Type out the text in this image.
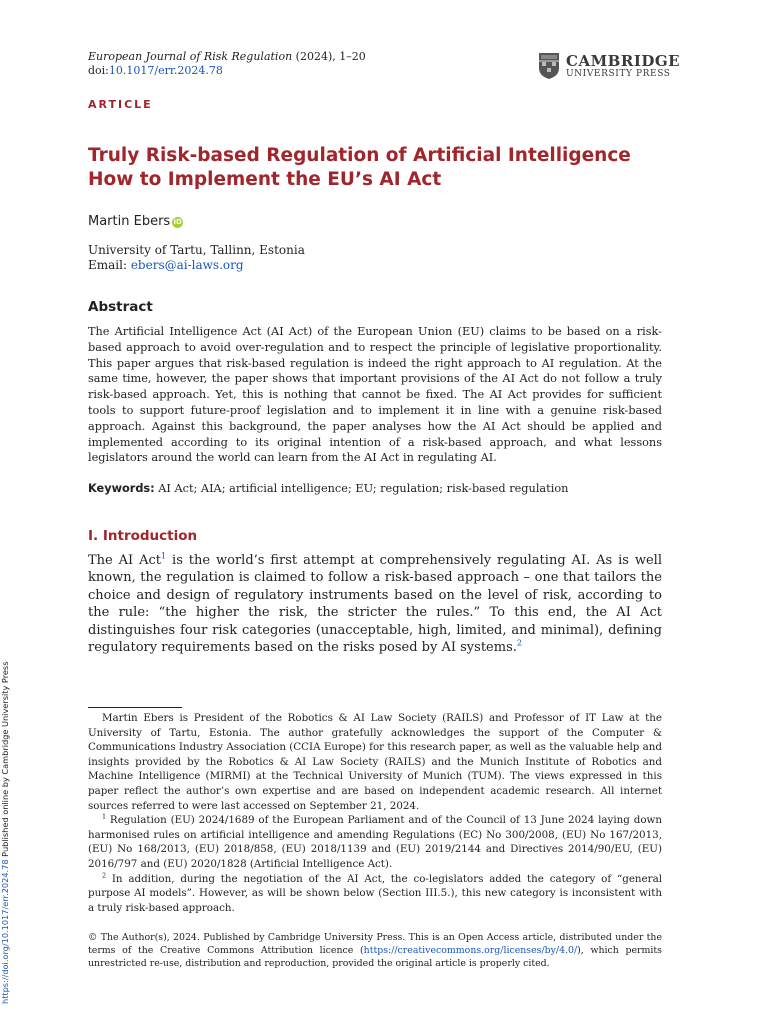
European Journal of Risk Regulation (2024), 1–20
doi:10.1017/err.2024.78
CAMBRIDGE
UNIVERSITY PRESS
ARTICLE
Truly Risk-based Regulation of Artificial Intelligence
How to Implement the EU’s AI Act
Martin Ebers iD
University of Tartu, Tallinn, Estonia
Email: ebers@ai-laws.org
Abstract
The Artificial Intelligence Act (AI Act) of the European Union (EU) claims to be based on a risk-based approach to avoid over-regulation and to respect the principle of legislative proportionality. This paper argues that risk-based regulation is indeed the right approach to AI regulation. At the same time, however, the paper shows that important provisions of the AI Act do not follow a truly risk-based approach. Yet, this is nothing that cannot be fixed. The AI Act provides for sufficient tools to support future-proof legislation and to implement it in line with a genuine risk-based approach. Against this background, the paper analyses how the AI Act should be applied and implemented according to its original intention of a risk-based approach, and what lessons legislators around the world can learn from the AI Act in regulating AI.
Keywords: AI Act; AIA; artificial intelligence; EU; regulation; risk-based regulation
I. Introduction
The AI Act$^1$ is the world’s first attempt at comprehensively regulating AI. As is well known, the regulation is claimed to follow a risk-based approach – one that tailors the choice and design of regulatory instruments based on the level of risk, according to the rule: “the higher the risk, the stricter the rules.” To this end, the AI Act distinguishes four risk categories (unacceptable, high, limited, and minimal), defining regulatory requirements based on the risks posed by AI systems.$^2$

Martin Ebers is President of the Robotics & AI Law Society (RAILS) and Professor of IT Law at the University of Tartu, Estonia. The author gratefully acknowledges the support of the Computer & Communications Industry Association (CCIA Europe) for this research paper, as well as the valuable help and insights provided by the Robotics & AI Law Society (RAILS) and the Munich Institute of Robotics and Machine Intelligence (MIRMI) at the Technical University of Munich (TUM). The views expressed in this paper reflect the author’s own expertise and are based on independent academic research. All internet sources referred to were last accessed on September 21, 2024.

$^1$ Regulation (EU) 2024/1689 of the European Parliament and of the Council of 13 June 2024 laying down harmonised rules on artificial intelligence and amending Regulations (EC) No 300/2008, (EU) No 167/2013, (EU) No 168/2013, (EU) 2018/858, (EU) 2018/1139 and (EU) 2019/2144 and Directives 2014/90/EU, (EU) 2016/797 and (EU) 2020/1828 (Artificial Intelligence Act).

$^2$ In addition, during the negotiation of the AI Act, the co-legislators added the category of “general purpose AI models”. However, as will be shown below (Section III.5.), this new category is inconsistent with a truly risk-based approach.

© The Author(s), 2024. Published by Cambridge University Press. This is an Open Access article, distributed under the terms of the Creative Commons Attribution licence (https://creativecommons.org/licenses/by/4.0/), which permits unrestricted re-use, distribution and reproduction, provided the original article is properly cited.
https://doi.org/10.1017/err.2024.78 Published online by Cambridge University Press
